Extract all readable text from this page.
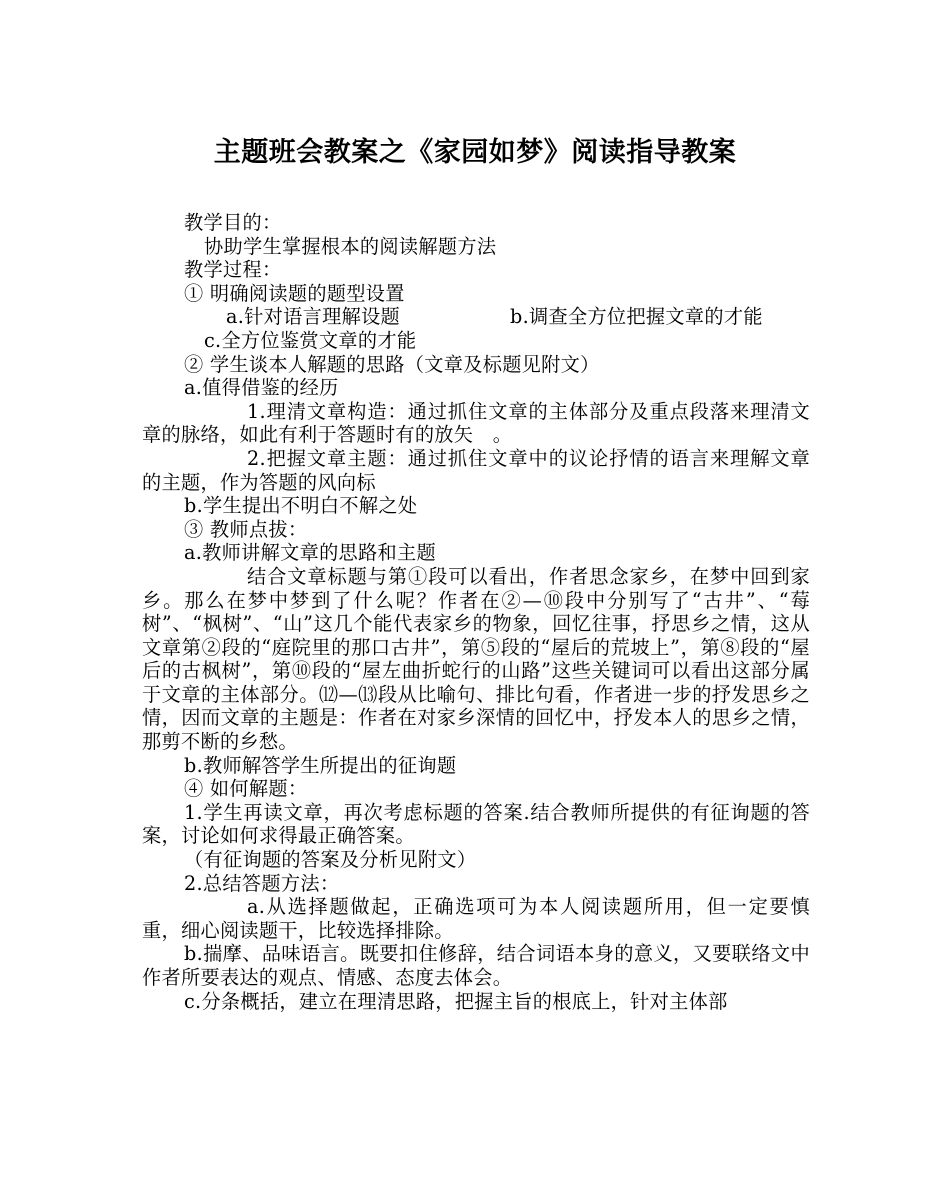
主题班会教案之《家园如梦》阅读指导教案

教学目的：

协助学生掌握根本的阅读解题方法

教学过程：

① 明确阅读题的题型设置

a.针对语言理解设题	b.调查全方位把握文章的才能

c.全方位鉴赏文章的才能

② 学生谈本人解题的思路（文章及标题见附文）

a.值得借鉴的经历

1.理清文章构造：通过抓住文章的主体部分及重点段落来理清文章的脉络，如此有利于答题时有的放矢　。

2.把握文章主题：通过抓住文章中的议论抒情的语言来理解文章的主题，作为答题的风向标

b.学生提出不明白不解之处

③ 教师点拔：

a.教师讲解文章的思路和主题

结合文章标题与第①段可以看出，作者思念家乡，在梦中回到家乡。那么在梦中梦到了什么呢？作者在②—⑩段中分别写了“古井”、“莓树”、“枫树”、“山”这几个能代表家乡的物象，回忆往事，抒思乡之情，这从文章第②段的“庭院里的那口古井”，第⑤段的“屋后的荒坡上”，第⑧段的“屋后的古枫树”，第⑩段的“屋左曲折蛇行的山路”这些关键词可以看出这部分属于文章的主体部分。⑿—⒀段从比喻句、排比句看，作者进一步的抒发思乡之情，因而文章的主题是：作者在对家乡深情的回忆中，抒发本人的思乡之情，那剪不断的乡愁。

b.教师解答学生所提出的征询题

④ 如何解题：

1.学生再读文章，再次考虑标题的答案.结合教师所提供的有征询题的答案，讨论如何求得最正确答案。

（有征询题的答案及分析见附文）

2.总结答题方法：

a.从选择题做起，正确选项可为本人阅读题所用，但一定要慎重，细心阅读题干，比较选择排除。

b.揣摩、品味语言。既要扣住修辞，结合词语本身的意义，又要联络文中作者所要表达的观点、情感、态度去体会。

c.分条概括，建立在理清思路，把握主旨的根底上，针对主体部
